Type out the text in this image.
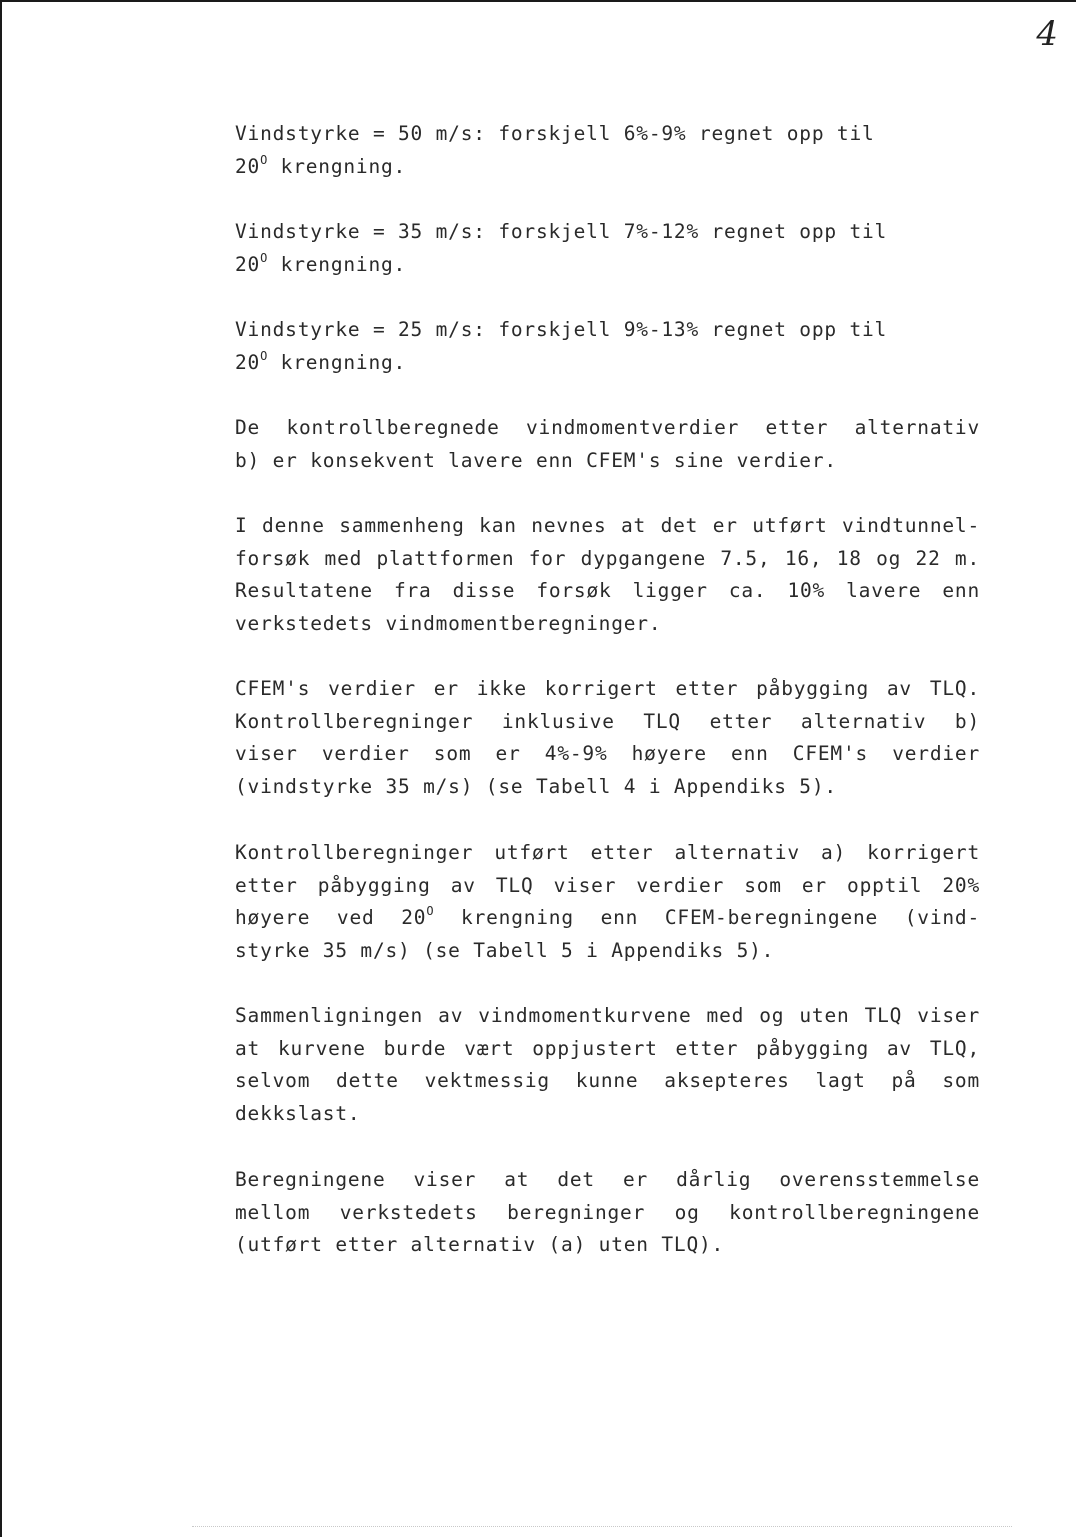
4
Vindstyrke = 50 m/s: forskjell 6%-9% regnet opp til
$20^O$ krengning.
Vindstyrke = 35 m/s: forskjell 7%-12% regnet opp til
$20^O$ krengning.
Vindstyrke = 25 m/s: forskjell 9%-13% regnet opp til
$20^O$ krengning.
De kontrollberegnede vindmomentverdier etter alternativ
b) er konsekvent lavere enn CFEM's sine verdier.
I denne sammenheng kan nevnes at det er utført vindtunnel-
forsøk med plattformen for dypgangene 7.5, 16, 18 og 22 m.
Resultatene fra disse forsøk ligger ca. 10% lavere enn
verkstedets vindmomentberegninger.
CFEM's verdier er ikke korrigert etter påbygging av TLQ.
Kontrollberegninger inklusive TLQ etter alternativ b)
viser verdier som er 4%-9% høyere enn CFEM's verdier
(vindstyrke 35 m/s) (se Tabell 4 i Appendiks 5).
Kontrollberegninger utført etter alternativ a) korrigert
etter påbygging av TLQ viser verdier som er opptil 20%
høyere ved $20^O$ krengning enn CFEM-beregningene (vind-
styrke 35 m/s) (se Tabell 5 i Appendiks 5).
Sammenligningen av vindmomentkurvene med og uten TLQ viser
at kurvene burde vært oppjustert etter påbygging av TLQ,
selvom dette vektmessig kunne aksepteres lagt på som
dekkslast.
Beregningene viser at det er dårlig overensstemmelse
mellom verkstedets beregninger og kontrollberegningene
(utført etter alternativ (a) uten TLQ).
